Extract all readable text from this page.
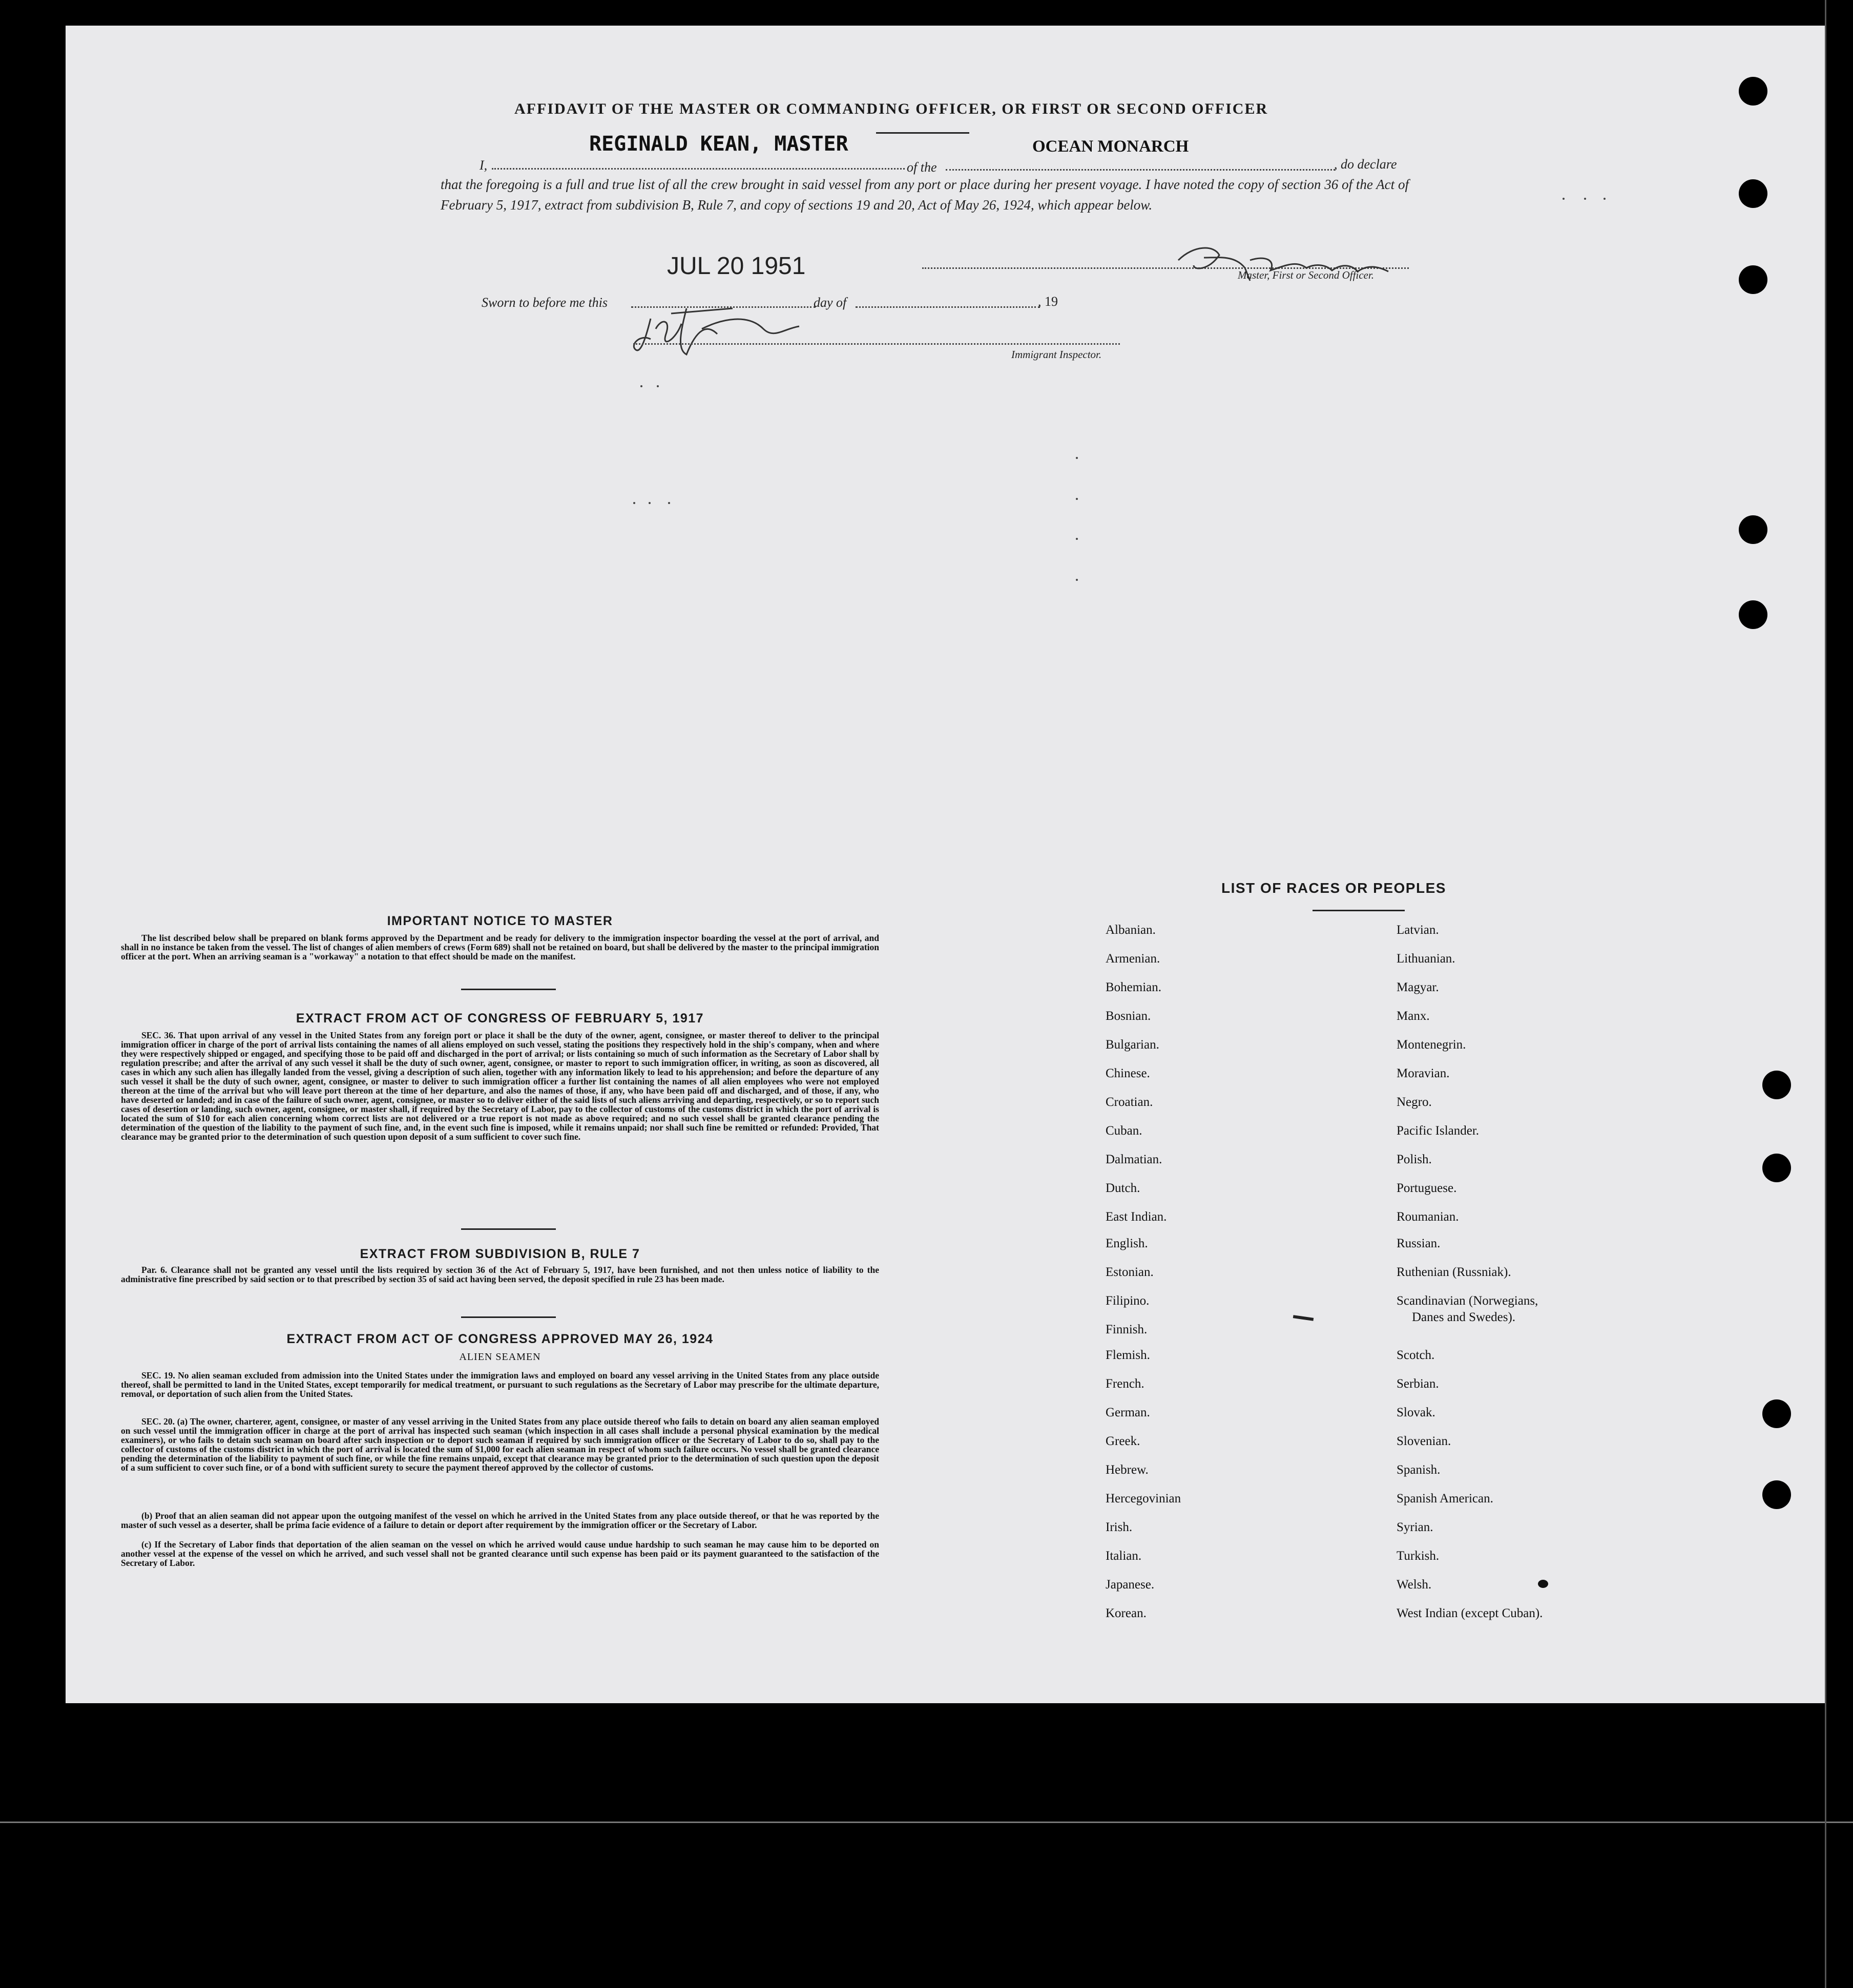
AFFIDAVIT OF THE MASTER OR COMMANDING OFFICER, OR FIRST OR SECOND OFFICER
I,
REGINALD KEAN, MASTER
of the
OCEAN MONARCH
, do declare
that the foregoing is a full and true list of all the crew brought in said vessel from any port or place during her present voyage. I have noted the copy of section 36 of the Act of February 5, 1917, extract from subdivision B, Rule 7, and copy of sections 19 and 20, Act of May 26, 1924, which appear below.
JUL 20 1951	Master, First or Second Officer.
Sworn to before me this	day of	, 19
Immigrant Inspector.
IMPORTANT NOTICE TO MASTER
The list described below shall be prepared on blank forms approved by the Department and be ready for delivery to the immigration inspector boarding the vessel at the port of arrival, and shall in no instance be taken from the vessel. The list of changes of alien members of crews (Form 689) shall not be retained on board, but shall be delivered by the master to the principal immigration officer at the port. When an arriving seaman is a "workaway" a notation to that effect should be made on the manifest.
EXTRACT FROM ACT OF CONGRESS OF FEBRUARY 5, 1917
SEC. 36. That upon arrival of any vessel in the United States from any foreign port or place it shall be the duty of the owner, agent, consignee, or master thereof to deliver to the principal immigration officer in charge of the port of arrival lists containing the names of all aliens employed on such vessel, stating the positions they respectively hold in the ship's company, when and where they were respectively shipped or engaged, and specifying those to be paid off and discharged in the port of arrival; or lists containing so much of such information as the Secretary of Labor shall by regulation prescribe; and after the arrival of any such vessel it shall be the duty of such owner, agent, consignee, or master to report to such immigration officer, in writing, as soon as discovered, all cases in which any such alien has illegally landed from the vessel, giving a description of such alien, together with any information likely to lead to his apprehension; and before the departure of any such vessel it shall be the duty of such owner, agent, consignee, or master to deliver to such immigration officer a further list containing the names of all alien employees who were not employed thereon at the time of the arrival but who will leave port thereon at the time of her departure, and also the names of those, if any, who have been paid off and discharged, and of those, if any, who have deserted or landed; and in case of the failure of such owner, agent, consignee, or master so to deliver either of the said lists of such aliens arriving and departing, respectively, or so to report such cases of desertion or landing, such owner, agent, consignee, or master shall, if required by the Secretary of Labor, pay to the collector of customs of the customs district in which the port of arrival is located the sum of $10 for each alien concerning whom correct lists are not delivered or a true report is not made as above required; and no such vessel shall be granted clearance pending the determination of the question of the liability to the payment of such fine, and, in the event such fine is imposed, while it remains unpaid; nor shall such fine be remitted or refunded: Provided, That clearance may be granted prior to the determination of such question upon deposit of a sum sufficient to cover such fine.
EXTRACT FROM SUBDIVISION B, RULE 7
Par. 6. Clearance shall not be granted any vessel until the lists required by section 36 of the Act of February 5, 1917, have been furnished, and not then unless notice of liability to the administrative fine prescribed by said section or to that prescribed by section 35 of said act having been served, the deposit specified in rule 23 has been made.
EXTRACT FROM ACT OF CONGRESS APPROVED MAY 26, 1924
ALIEN SEAMEN
SEC. 19. No alien seaman excluded from admission into the United States under the immigration laws and employed on board any vessel arriving in the United States from any place outside thereof, shall be permitted to land in the United States, except temporarily for medical treatment, or pursuant to such regulations as the Secretary of Labor may prescribe for the ultimate departure, removal, or deportation of such alien from the United States.
SEC. 20. (a) The owner, charterer, agent, consignee, or master of any vessel arriving in the United States from any place outside thereof who fails to detain on board any alien seaman employed on such vessel until the immigration officer in charge at the port of arrival has inspected such seaman (which inspection in all cases shall include a personal physical examination by the medical examiners), or who fails to detain such seaman on board after such inspection or to deport such seaman if required by such immigration officer or the Secretary of Labor to do so, shall pay to the collector of customs of the customs district in which the port of arrival is located the sum of $1,000 for each alien seaman in respect of whom such failure occurs. No vessel shall be granted clearance pending the determination of the liability to payment of such fine, or while the fine remains unpaid, except that clearance may be granted prior to the determination of such question upon the deposit of a sum sufficient to cover such fine, or of a bond with sufficient surety to secure the payment thereof approved by the collector of customs.
(b) Proof that an alien seaman did not appear upon the outgoing manifest of the vessel on which he arrived in the United States from any place outside thereof, or that he was reported by the master of such vessel as a deserter, shall be prima facie evidence of a failure to detain or deport after requirement by the immigration officer or the Secretary of Labor.
(c) If the Secretary of Labor finds that deportation of the alien seaman on the vessel on which he arrived would cause undue hardship to such seaman he may cause him to be deported on another vessel at the expense of the vessel on which he arrived, and such vessel shall not be granted clearance until such expense has been paid or its payment guaranteed to the satisfaction of the Secretary of Labor.
LIST OF RACES OR PEOPLES
Albanian.
Armenian.
Bohemian.
Bosnian.
Bulgarian.
Chinese.
Croatian.
Cuban.
Dalmatian.
Dutch.
East Indian.
English.
Estonian.
Filipino.
Finnish.
Flemish.
French.
German.
Greek.
Hebrew.
Hercegovinian
Irish.
Italian.
Japanese.
Korean.
Latvian.
Lithuanian.
Magyar.
Manx.
Montenegrin.
Moravian.
Negro.
Pacific Islander.
Polish.
Portuguese.
Roumanian.
Russian.
Ruthenian (Russniak).
Scandinavian (Norwegians,
Danes and Swedes).
Scotch.
Serbian.
Slovak.
Slovenian.
Spanish.
Spanish American.
Syrian.
Turkish.
Welsh.
West Indian (except Cuban).
